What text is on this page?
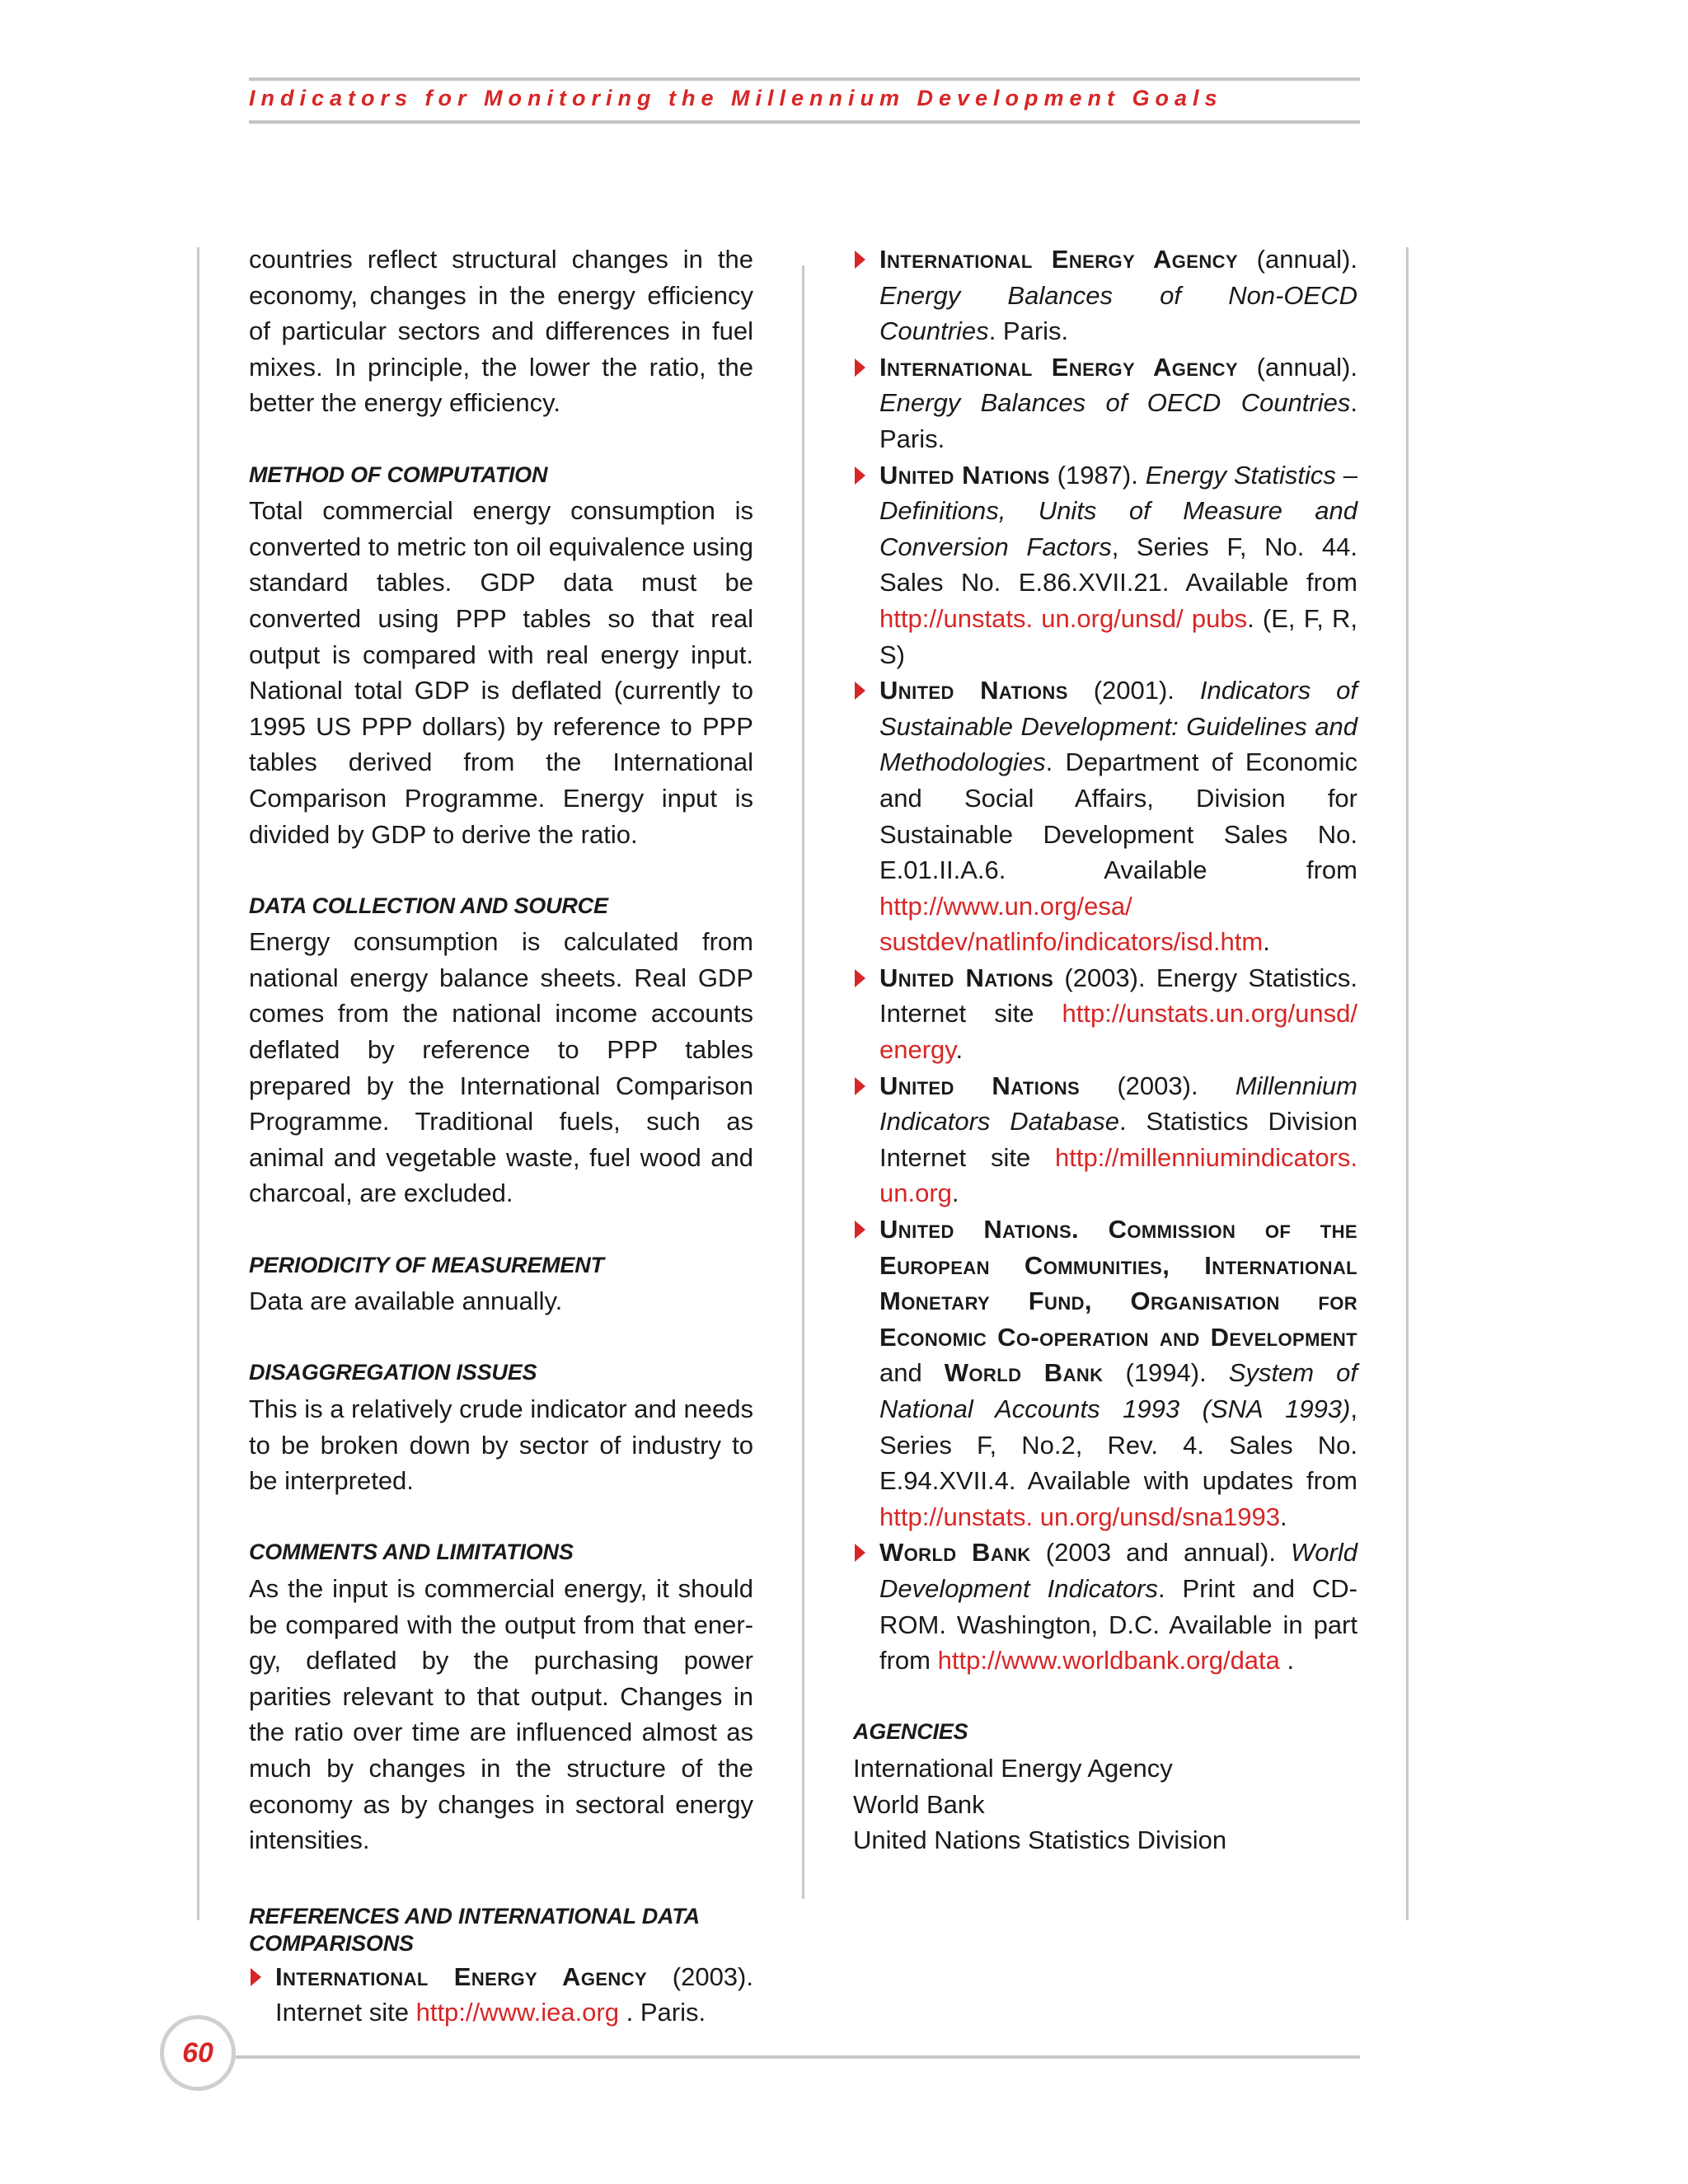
Indicators for Monitoring the Millennium Development Goals

countries reflect structural changes in the economy, changes in the energy efficiency of particular sectors and differences in fuel mixes. In principle, the lower the ratio, the better the energy efficiency.

METHOD OF COMPUTATION

Total commercial energy consumption is converted to metric ton oil equivalence using standard tables. GDP data must be converted using PPP tables so that real output is compared with real energy input. National total GDP is deflated (currently to 1995 US PPP dollars) by reference to PPP tables derived from the International Comparison Programme. Energy input is divided by GDP to derive the ratio.

DATA COLLECTION AND SOURCE

Energy consumption is calculated from national energy balance sheets. Real GDP comes from the national income accounts deflated by reference to PPP tables prepared by the International Comparison Programme. Traditional fuels, such as animal and vegetable waste, fuel wood and charcoal, are excluded.

PERIODICITY OF MEASUREMENT

Data are available annually.

DISAGGREGATION ISSUES

This is a relatively crude indicator and needs to be broken down by sector of industry to be interpreted.

COMMENTS AND LIMITATIONS

As the input is commercial energy, it should be compared with the output from that energy, deflated by the purchasing power parities relevant to that output. Changes in the ratio over time are influenced almost as much by changes in the structure of the economy as by changes in sectoral energy intensities.

REFERENCES AND INTERNATIONAL DATA COMPARISONS
International Energy Agency (2003). Internet site http://www.iea.org . Paris.
International Energy Agency (annual). Energy Balances of Non-OECD Countries. Paris.
International Energy Agency (annual). Energy Balances of OECD Countries. Paris.
United Nations (1987). Energy Statistics – Definitions, Units of Measure and Conversion Factors, Series F, No. 44. Sales No. E.86.XVII.21. Available from http://unstats. un.org/unsd/ pubs. (E, F, R, S)
United Nations (2001). Indicators of Sustainable Development: Guidelines and Methodologies. Department of Economic and Social Affairs, Division for Sustainable Development Sales No. E.01.II.A.6. Available from http://www.un.org/esa/ sustdev/natlinfo/indicators/isd.htm.
United Nations (2003). Energy Statistics. Internet site http://unstats.un.org/unsd/ energy.
United Nations (2003). Millennium Indicators Database. Statistics Division Internet site http://millenniumindicators. un.org.
United Nations. Commission of the European Communities, International Monetary Fund, Organisation for Economic Co-operation and Development and World Bank (1994). System of National Accounts 1993 (SNA 1993), Series F, No.2, Rev. 4. Sales No. E.94.XVII.4. Available with updates from http://unstats. un.org/unsd/sna1993.
World Bank (2003 and annual). World Development Indicators. Print and CD-ROM. Washington, D.C. Available in part from http://www.worldbank.org/data .
AGENCIES

International Energy Agency

World Bank

United Nations Statistics Division

60
